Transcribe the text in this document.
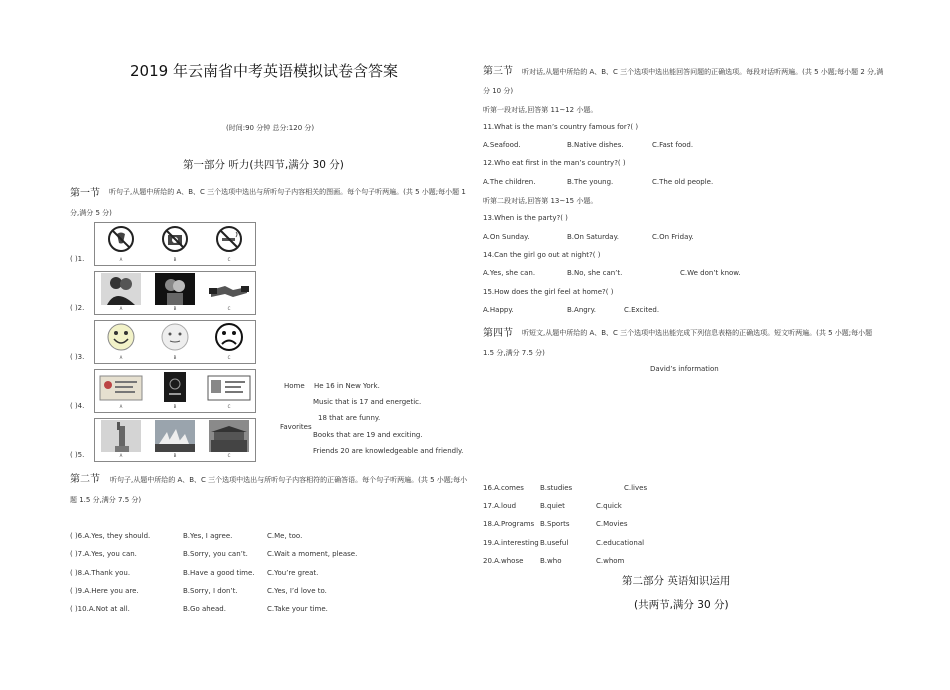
2019 年云南省中考英语模拟试卷含答案
(时间:90 分钟 总分:120 分)
第一部分 听力(共四节,满分 30 分)
第一节 听句子,从题中所给的 A、B、C 三个选项中选出与所听句子内容相关的图画。每个句子听两遍。(共 5 小题;每小题 1
分,满分 5 分)
( )1.	A	B	C
( )2.	A	B	C
( )3.	A	B	C
( )4.	A	B	C
( )5.	A	B	C
Home He 16 in New York.
Music that is 17 and energetic.
Favorites
18 that are funny.
Books that are 19 and exciting.
Friends 20 are knowledgeable and friendly.
第二节 听句子,从题中所给的 A、B、C 三个选项中选出与所听句子内容相符的正确答语。每个句子听两遍。(共 5 小题;每小
题 1.5 分,满分 7.5 分)
( )6.A.Yes, they should.	B.Yes, I agree.	C.Me, too.
( )7.A.Yes, you can.	B.Sorry, you can’t.	C.Wait a moment, please.
( )8.A.Thank you.	B.Have a good time. C.You’re great.
( )9.A.Here you are.	B.Sorry, I don’t.	C.Yes, I’d love to.
( )10.A.Not at all.	B.Go ahead.	C.Take your time.
第三节 听对话,从题中所给的 A、B、C 三个选项中选出能回答问题的正确选项。每段对话听两遍。(共 5 小题;每小题 2 分,满
分 10 分)
听第一段对话,回答第 11~12 小题。
11.What is the man’s country famous for?( )
A.Seafood.	B.Native dishes.	C.Fast food.
12.Who eat first in the man’s country?( )
A.The children.	B.The young.	C.The old people.
听第二段对话,回答第 13~15 小题。
13.When is the party?( )
A.On Sunday.	B.On Saturday.	C.On Friday.
14.Can the girl go out at night?( )
A.Yes, she can.	B.No, she can’t.	C.We don’t know.
15.How does the girl feel at home?( )
A.Happy.	B.Angry.	C.Excited.
第四节 听短文,从题中所给的 A、B、C 三个选项中选出能完成下列信息表格的正确选项。短文听两遍。(共 5 小题;每小题
1.5 分,满分 7.5 分)
David’s information
16.A.comes B.studies	C.lives
17.A.loud	B.quiet	C.quick
18.A.Programs B.Sports	C.Movies
19.A.interesting B.useful	C.educational
20.A.whose B.who	C.whom
第二部分 英语知识运用
(共两节,满分 30 分)
